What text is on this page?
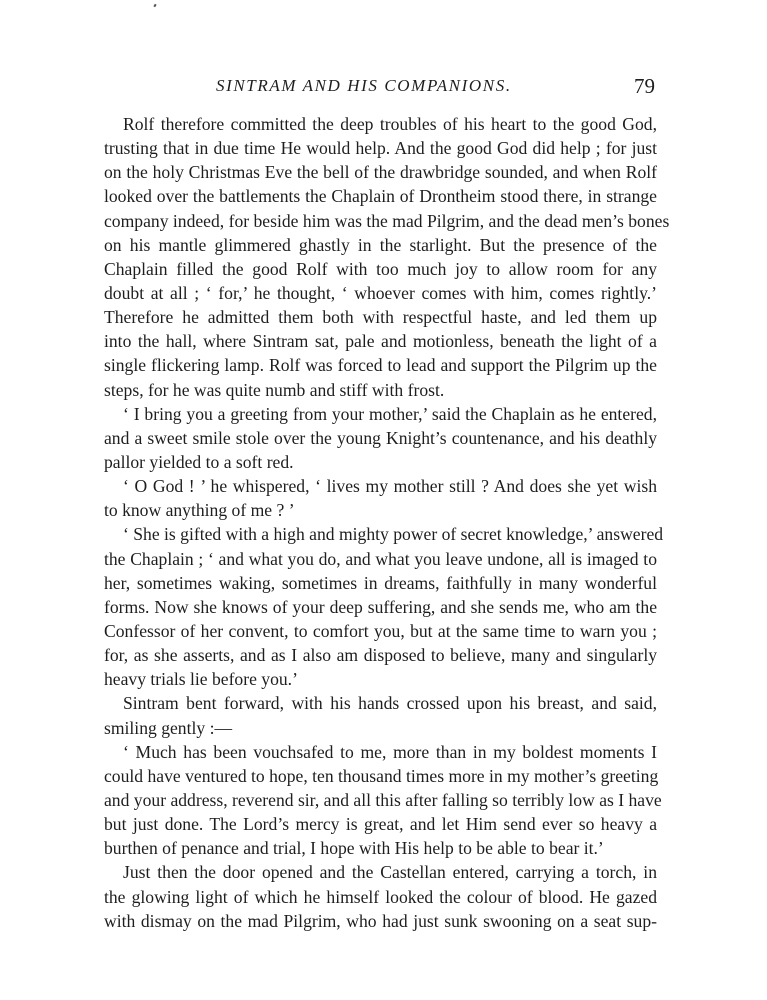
SINTRAM AND HIS COMPANIONS.	79
Rolf therefore committed the deep troubles of his heart to the good God,
trusting that in due time He would help. And the good God did help ; for just
on the holy Christmas Eve the bell of the drawbridge sounded, and when Rolf
looked over the battlements the Chaplain of Drontheim stood there, in strange
company indeed, for beside him was the mad Pilgrim, and the dead men’s bones
on his mantle glimmered ghastly in the starlight. But the presence of the
Chaplain filled the good Rolf with too much joy to allow room for any
doubt at all ; ‘ for,’ he thought, ‘ whoever comes with him, comes rightly.’
Therefore he admitted them both with respectful haste, and led them up
into the hall, where Sintram sat, pale and motionless, beneath the light of a
single flickering lamp. Rolf was forced to lead and support the Pilgrim up the
steps, for he was quite numb and stiff with frost.
‘ I bring you a greeting from your mother,’ said the Chaplain as he entered,
and a sweet smile stole over the young Knight’s countenance, and his deathly
pallor yielded to a soft red.
‘ O God ! ’ he whispered, ‘ lives my mother still ? And does she yet wish
to know anything of me ? ’
‘ She is gifted with a high and mighty power of secret knowledge,’ answered
the Chaplain ; ‘ and what you do, and what you leave undone, all is imaged to
her, sometimes waking, sometimes in dreams, faithfully in many wonderful
forms. Now she knows of your deep suffering, and she sends me, who am the
Confessor of her convent, to comfort you, but at the same time to warn you ;
for, as she asserts, and as I also am disposed to believe, many and singularly
heavy trials lie before you.’
Sintram bent forward, with his hands crossed upon his breast, and said,
smiling gently :—
‘ Much has been vouchsafed to me, more than in my boldest moments I
could have ventured to hope, ten thousand times more in my mother’s greeting
and your address, reverend sir, and all this after falling so terribly low as I have
but just done. The Lord’s mercy is great, and let Him send ever so heavy a
burthen of penance and trial, I hope with His help to be able to bear it.’
Just then the door opened and the Castellan entered, carrying a torch, in
the glowing light of which he himself looked the colour of blood. He gazed
with dismay on the mad Pilgrim, who had just sunk swooning on a seat sup-
